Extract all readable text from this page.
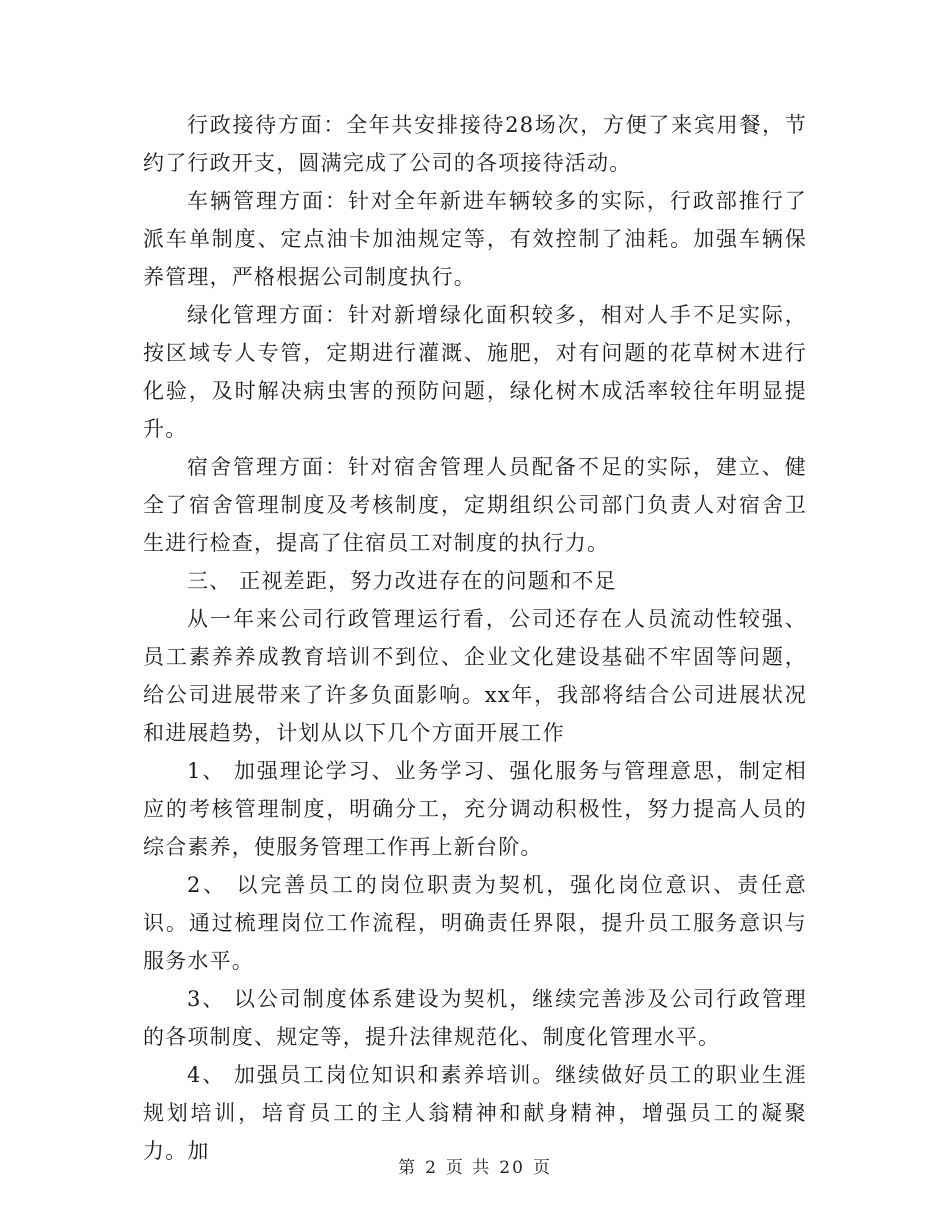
行政接待方面：全年共安排接待28场次，方便了来宾用餐，节约了行政开支，圆满完成了公司的各项接待活动。

车辆管理方面：针对全年新进车辆较多的实际，行政部推行了派车单制度、定点油卡加油规定等，有效控制了油耗。加强车辆保养管理，严格根据公司制度执行。

绿化管理方面：针对新增绿化面积较多，相对人手不足实际，按区域专人专管，定期进行灌溉、施肥，对有问题的花草树木进行化验，及时解决病虫害的预防问题，绿化树木成活率较往年明显提升。

宿舍管理方面：针对宿舍管理人员配备不足的实际，建立、健全了宿舍管理制度及考核制度，定期组织公司部门负责人对宿舍卫生进行检查，提高了住宿员工对制度的执行力。

三、 正视差距，努力改进存在的问题和不足

从一年来公司行政管理运行看，公司还存在人员流动性较强、员工素养养成教育培训不到位、企业文化建设基础不牢固等问题，给公司进展带来了许多负面影响。xx年，我部将结合公司进展状况和进展趋势，计划从以下几个方面开展工作

1、 加强理论学习、业务学习、强化服务与管理意思，制定相应的考核管理制度，明确分工，充分调动积极性，努力提高人员的综合素养，使服务管理工作再上新台阶。

2、 以完善员工的岗位职责为契机，强化岗位意识、责任意识。通过梳理岗位工作流程，明确责任界限，提升员工服务意识与服务水平。

3、 以公司制度体系建设为契机，继续完善涉及公司行政管理的各项制度、规定等，提升法律规范化、制度化管理水平。

4、 加强员工岗位知识和素养培训。继续做好员工的职业生涯规划培训，培育员工的主人翁精神和献身精神，增强员工的凝聚力。加

第 2 页 共 20 页
